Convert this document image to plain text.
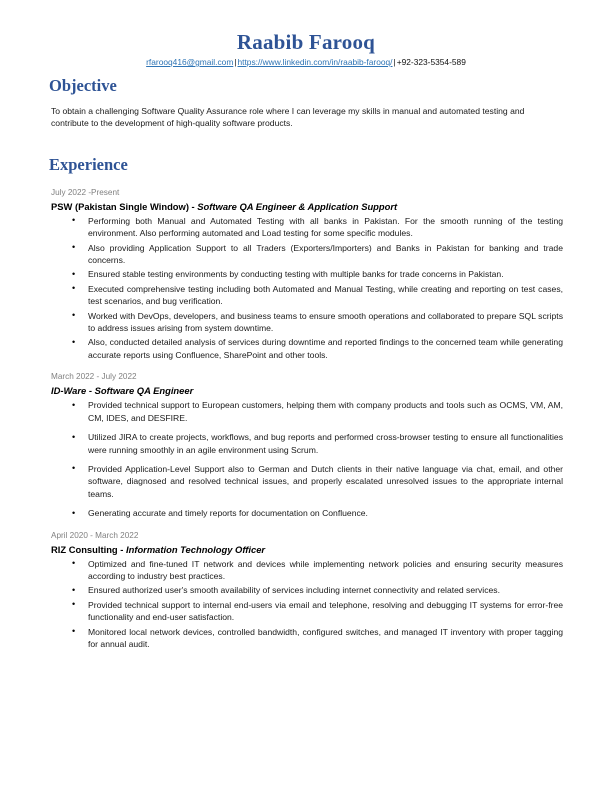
Raabib Farooq
rfarooq416@gmail.com|https://www.linkedin.com/in/raabib-farooq/|+92-323-5354-589
Objective

To obtain a challenging Software Quality Assurance role where I can leverage my skills in manual and automated testing and contribute to the development of high-quality software products.

Experience
July 2022 -Present
PSW (Pakistan Single Window) - Software QA Engineer & Application Support
• Performing both Manual and Automated Testing with all banks in Pakistan. For the smooth running of the testing environment. Also performing automated and Load testing for some specific modules.
• Also providing Application Support to all Traders (Exporters/Importers) and Banks in Pakistan for banking and trade concerns.
• Ensured stable testing environments by conducting testing with multiple banks for trade concerns in Pakistan.
• Executed comprehensive testing including both Automated and Manual Testing, while creating and reporting on test cases, test scenarios, and bug verification.
• Worked with DevOps, developers, and business teams to ensure smooth operations and collaborated to prepare SQL scripts to address issues arising from system downtime.
• Also, conducted detailed analysis of services during downtime and reported findings to the concerned team while generating accurate reports using Confluence, SharePoint and other tools.
March 2022 - July 2022
ID-Ware - Software QA Engineer
• Provided technical support to European customers, helping them with company products and tools such as OCMS, VM, AM, CM, IDES, and DESFIRE.
• Utilized JIRA to create projects, workflows, and bug reports and performed cross-browser testing to ensure all functionalities were running smoothly in an agile environment using Scrum.
• Provided Application-Level Support also to German and Dutch clients in their native language via chat, email, and other software, diagnosed and resolved technical issues, and properly escalated unresolved issues to the appropriate internal teams.
• Generating accurate and timely reports for documentation on Confluence.
April 2020 - March 2022
RIZ Consulting - Information Technology Officer
• Optimized and fine-tuned IT network and devices while implementing network policies and ensuring security measures according to industry best practices.
• Ensured authorized user's smooth availability of services including internet connectivity and related services.
• Provided technical support to internal end-users via email and telephone, resolving and debugging IT systems for error-free functionality and end-user satisfaction.
• Monitored local network devices, controlled bandwidth, configured switches, and managed IT inventory with proper tagging for annual audit.
